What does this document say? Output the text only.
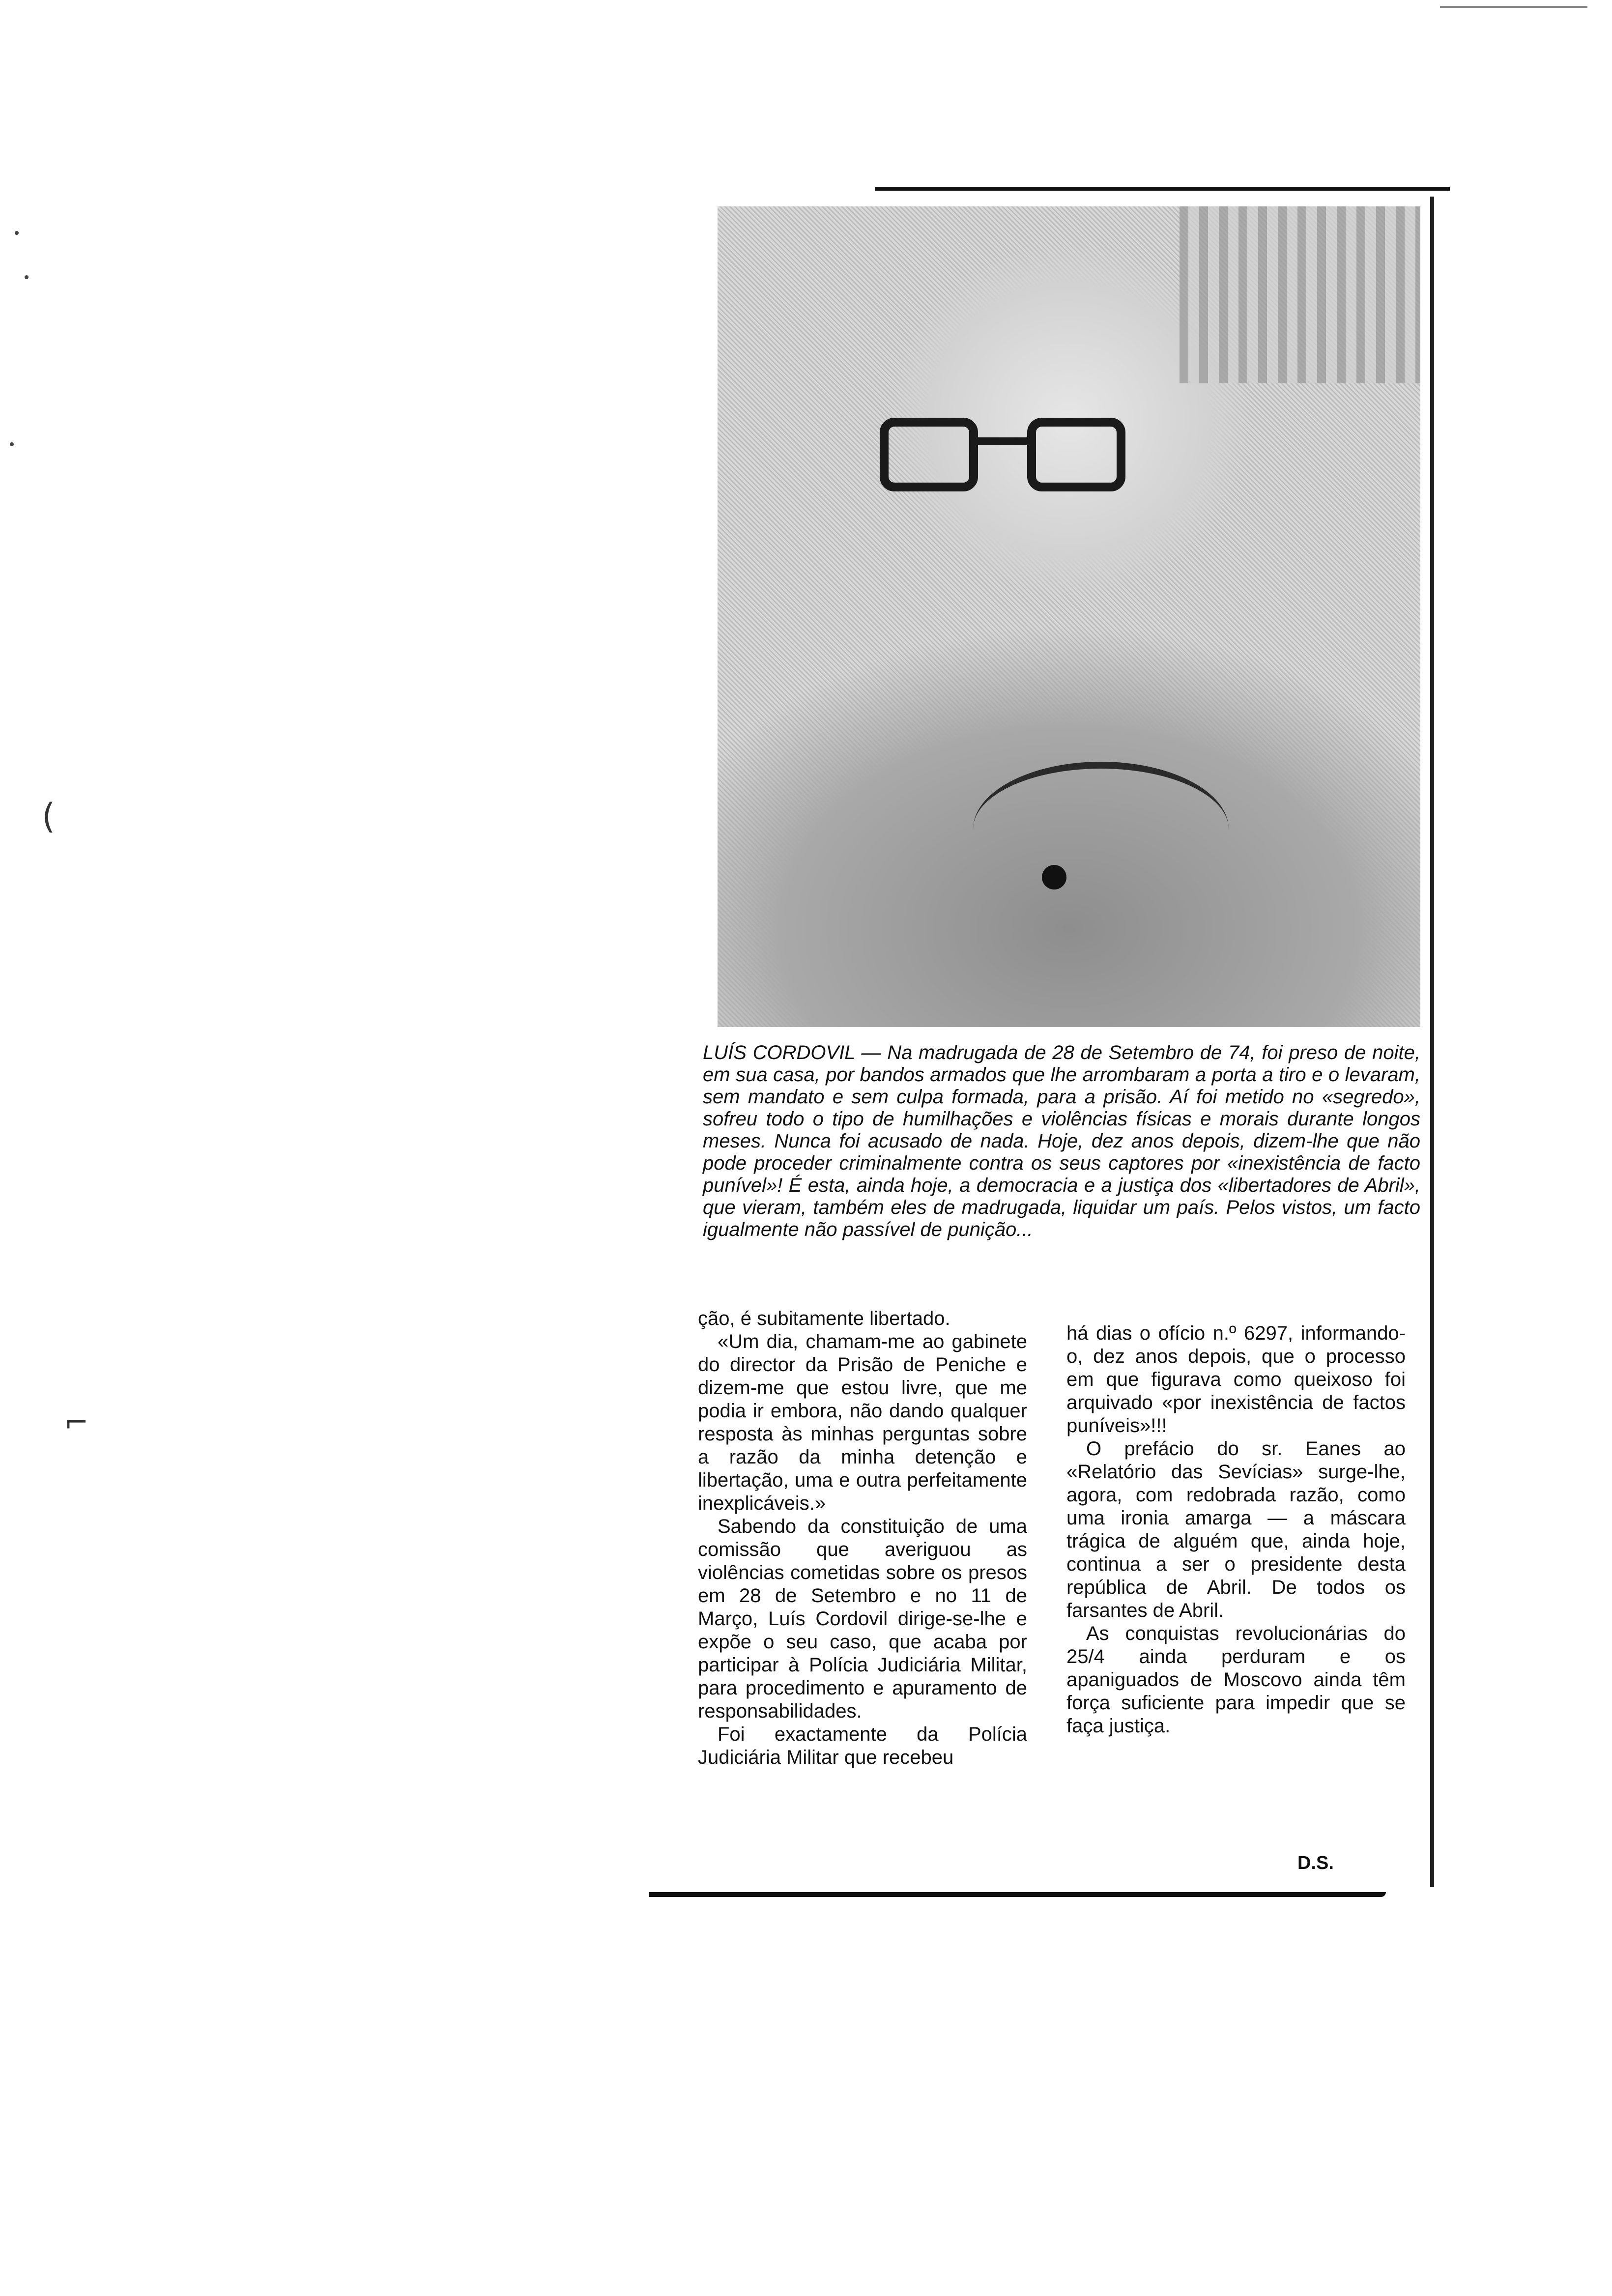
(
⌐

LUÍS CORDOVIL — Na madrugada de 28 de Setembro de 74, foi preso de noite, em sua casa, por bandos armados que lhe arrombaram a porta a tiro e o levaram, sem mandato e sem culpa formada, para a prisão. Aí foi metido no «segredo», sofreu todo o tipo de humilhações e violências físicas e morais durante longos meses. Nunca foi acusado de nada. Hoje, dez anos depois, dizem-lhe que não pode proceder criminalmente contra os seus captores por «inexistência de facto punível»! É esta, ainda hoje, a democracia e a justiça dos «libertadores de Abril», que vieram, também eles de madrugada, liquidar um país. Pelos vistos, um facto igualmente não passível de punição...

ção, é subitamente libertado.

«Um dia, chamam-me ao gabinete do director da Prisão de Peniche e dizem-me que estou livre, que me podia ir embora, não dando qualquer resposta às minhas perguntas sobre a razão da minha detenção e libertação, uma e outra perfeitamente inexplicáveis.»

Sabendo da constituição de uma comissão que averiguou as violências cometidas sobre os presos em 28 de Setembro e no 11 de Março, Luís Cordovil dirige-se-lhe e expõe o seu caso, que acaba por participar à Polícia Judiciária Militar, para procedimento e apuramento de responsabilidades.

Foi exactamente da Polícia Judiciária Militar que recebeu

há dias o ofício n.º 6297, informando-o, dez anos depois, que o processo em que figurava como queixoso foi arquivado «por inexistência de factos puníveis»!!!

O prefácio do sr. Eanes ao «Relatório das Sevícias» surge-lhe, agora, com redobrada razão, como uma ironia amarga — a máscara trágica de alguém que, ainda hoje, continua a ser o presidente desta república de Abril. De todos os farsantes de Abril.

As conquistas revolucionárias do 25/4 ainda perduram e os apaniguados de Moscovo ainda têm força suficiente para impedir que se faça justiça.

D.S.
